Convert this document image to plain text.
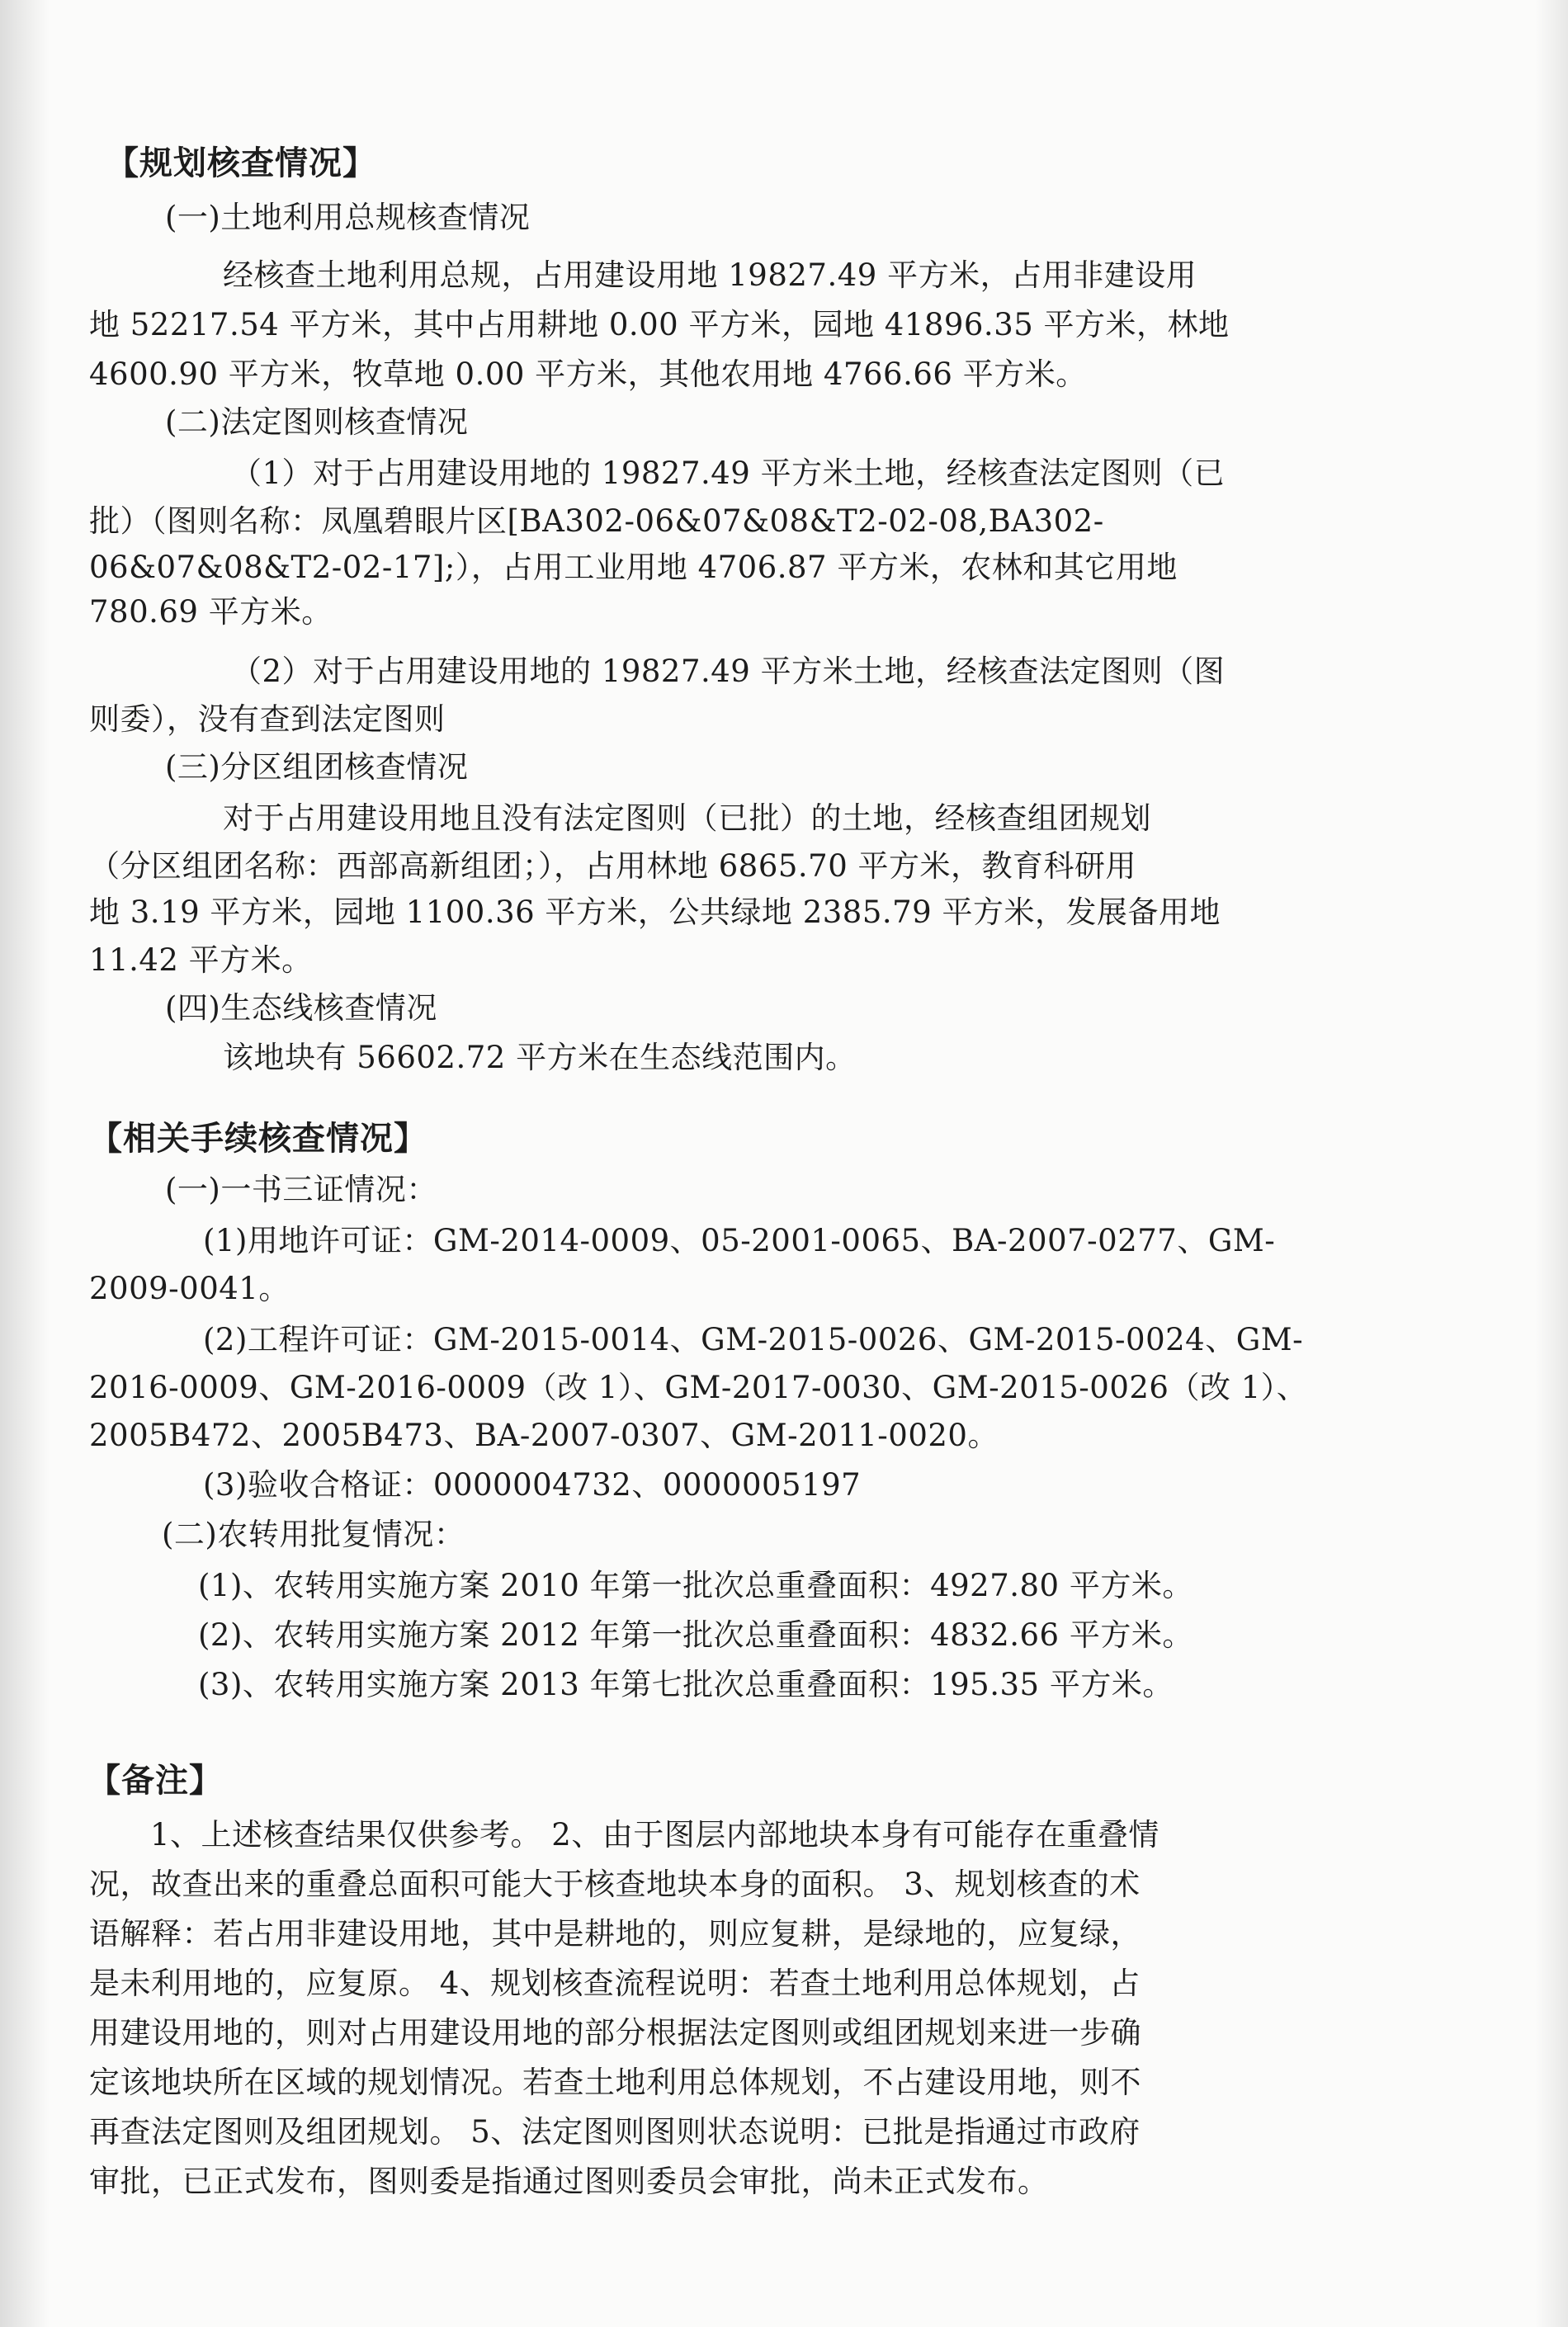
【规划核查情况】
(一)土地利用总规核查情况
经核查土地利用总规，占用建设用地 19827.49 平方米，占用非建设用
地 52217.54 平方米，其中占用耕地 0.00 平方米，园地 41896.35 平方米，林地
4600.90 平方米，牧草地 0.00 平方米，其他农用地 4766.66 平方米。
(二)法定图则核查情况
（1）对于占用建设用地的 19827.49 平方米土地，经核查法定图则（已
批）（图则名称：凤凰碧眼片区[BA302-06&07&08&T2-02-08,BA302-
06&07&08&T2-02-17];），占用工业用地 4706.87 平方米，农林和其它用地
780.69 平方米。
（2）对于占用建设用地的 19827.49 平方米土地，经核查法定图则（图
则委），没有查到法定图则
(三)分区组团核查情况
对于占用建设用地且没有法定图则（已批）的土地，经核查组团规划
（分区组团名称：西部高新组团；），占用林地 6865.70 平方米，教育科研用
地 3.19 平方米，园地 1100.36 平方米，公共绿地 2385.79 平方米，发展备用地
11.42 平方米。
(四)生态线核查情况
该地块有 56602.72 平方米在生态线范围内。
【相关手续核查情况】
(一)一书三证情况：
(1)用地许可证：GM-2014-0009、05-2001-0065、BA-2007-0277、GM-
2009-0041。
(2)工程许可证：GM-2015-0014、GM-2015-0026、GM-2015-0024、GM-
2016-0009、GM-2016-0009（改 1）、GM-2017-0030、GM-2015-0026（改 1）、
2005B472、2005B473、BA-2007-0307、GM-2011-0020。
(3)验收合格证：0000004732、0000005197
(二)农转用批复情况：
(1)、农转用实施方案 2010 年第一批次总重叠面积：4927.80 平方米。
(2)、农转用实施方案 2012 年第一批次总重叠面积：4832.66 平方米。
(3)、农转用实施方案 2013 年第七批次总重叠面积：195.35 平方米。
【备注】
1、上述核查结果仅供参考。 2、由于图层内部地块本身有可能存在重叠情
况，故查出来的重叠总面积可能大于核查地块本身的面积。 3、规划核查的术
语解释：若占用非建设用地，其中是耕地的，则应复耕，是绿地的，应复绿，
是未利用地的，应复原。 4、规划核查流程说明：若查土地利用总体规划，占
用建设用地的，则对占用建设用地的部分根据法定图则或组团规划来进一步确
定该地块所在区域的规划情况。若查土地利用总体规划，不占建设用地，则不
再查法定图则及组团规划。 5、法定图则图则状态说明：已批是指通过市政府
审批，已正式发布，图则委是指通过图则委员会审批，尚未正式发布。
